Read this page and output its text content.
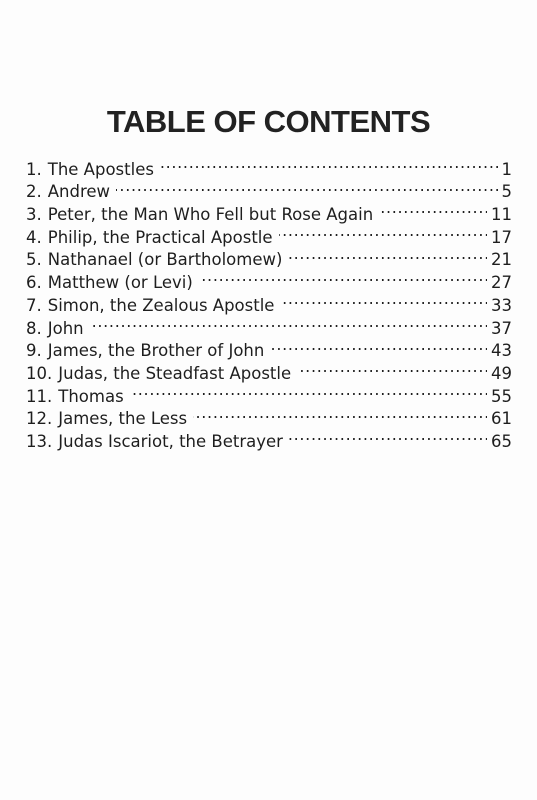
TABLE OF CONTENTS
1. The Apostles . . .	1
2. Andrew . . .	5
3. Peter, the Man Who Fell but Rose Again . . .	11
4. Philip, the Practical Apostle . . .	17
5. Nathanael (or Bartholomew) . . .	21
6. Matthew (or Levi) . . .	27
7. Simon, the Zealous Apostle . . .	33
8. John . . .	37
9. James, the Brother of John . . .	43
10. Judas, the Steadfast Apostle . . .	49
11. Thomas . . .	55
12. James, the Less . . .	61
13. Judas Iscariot, the Betrayer . . .	65
